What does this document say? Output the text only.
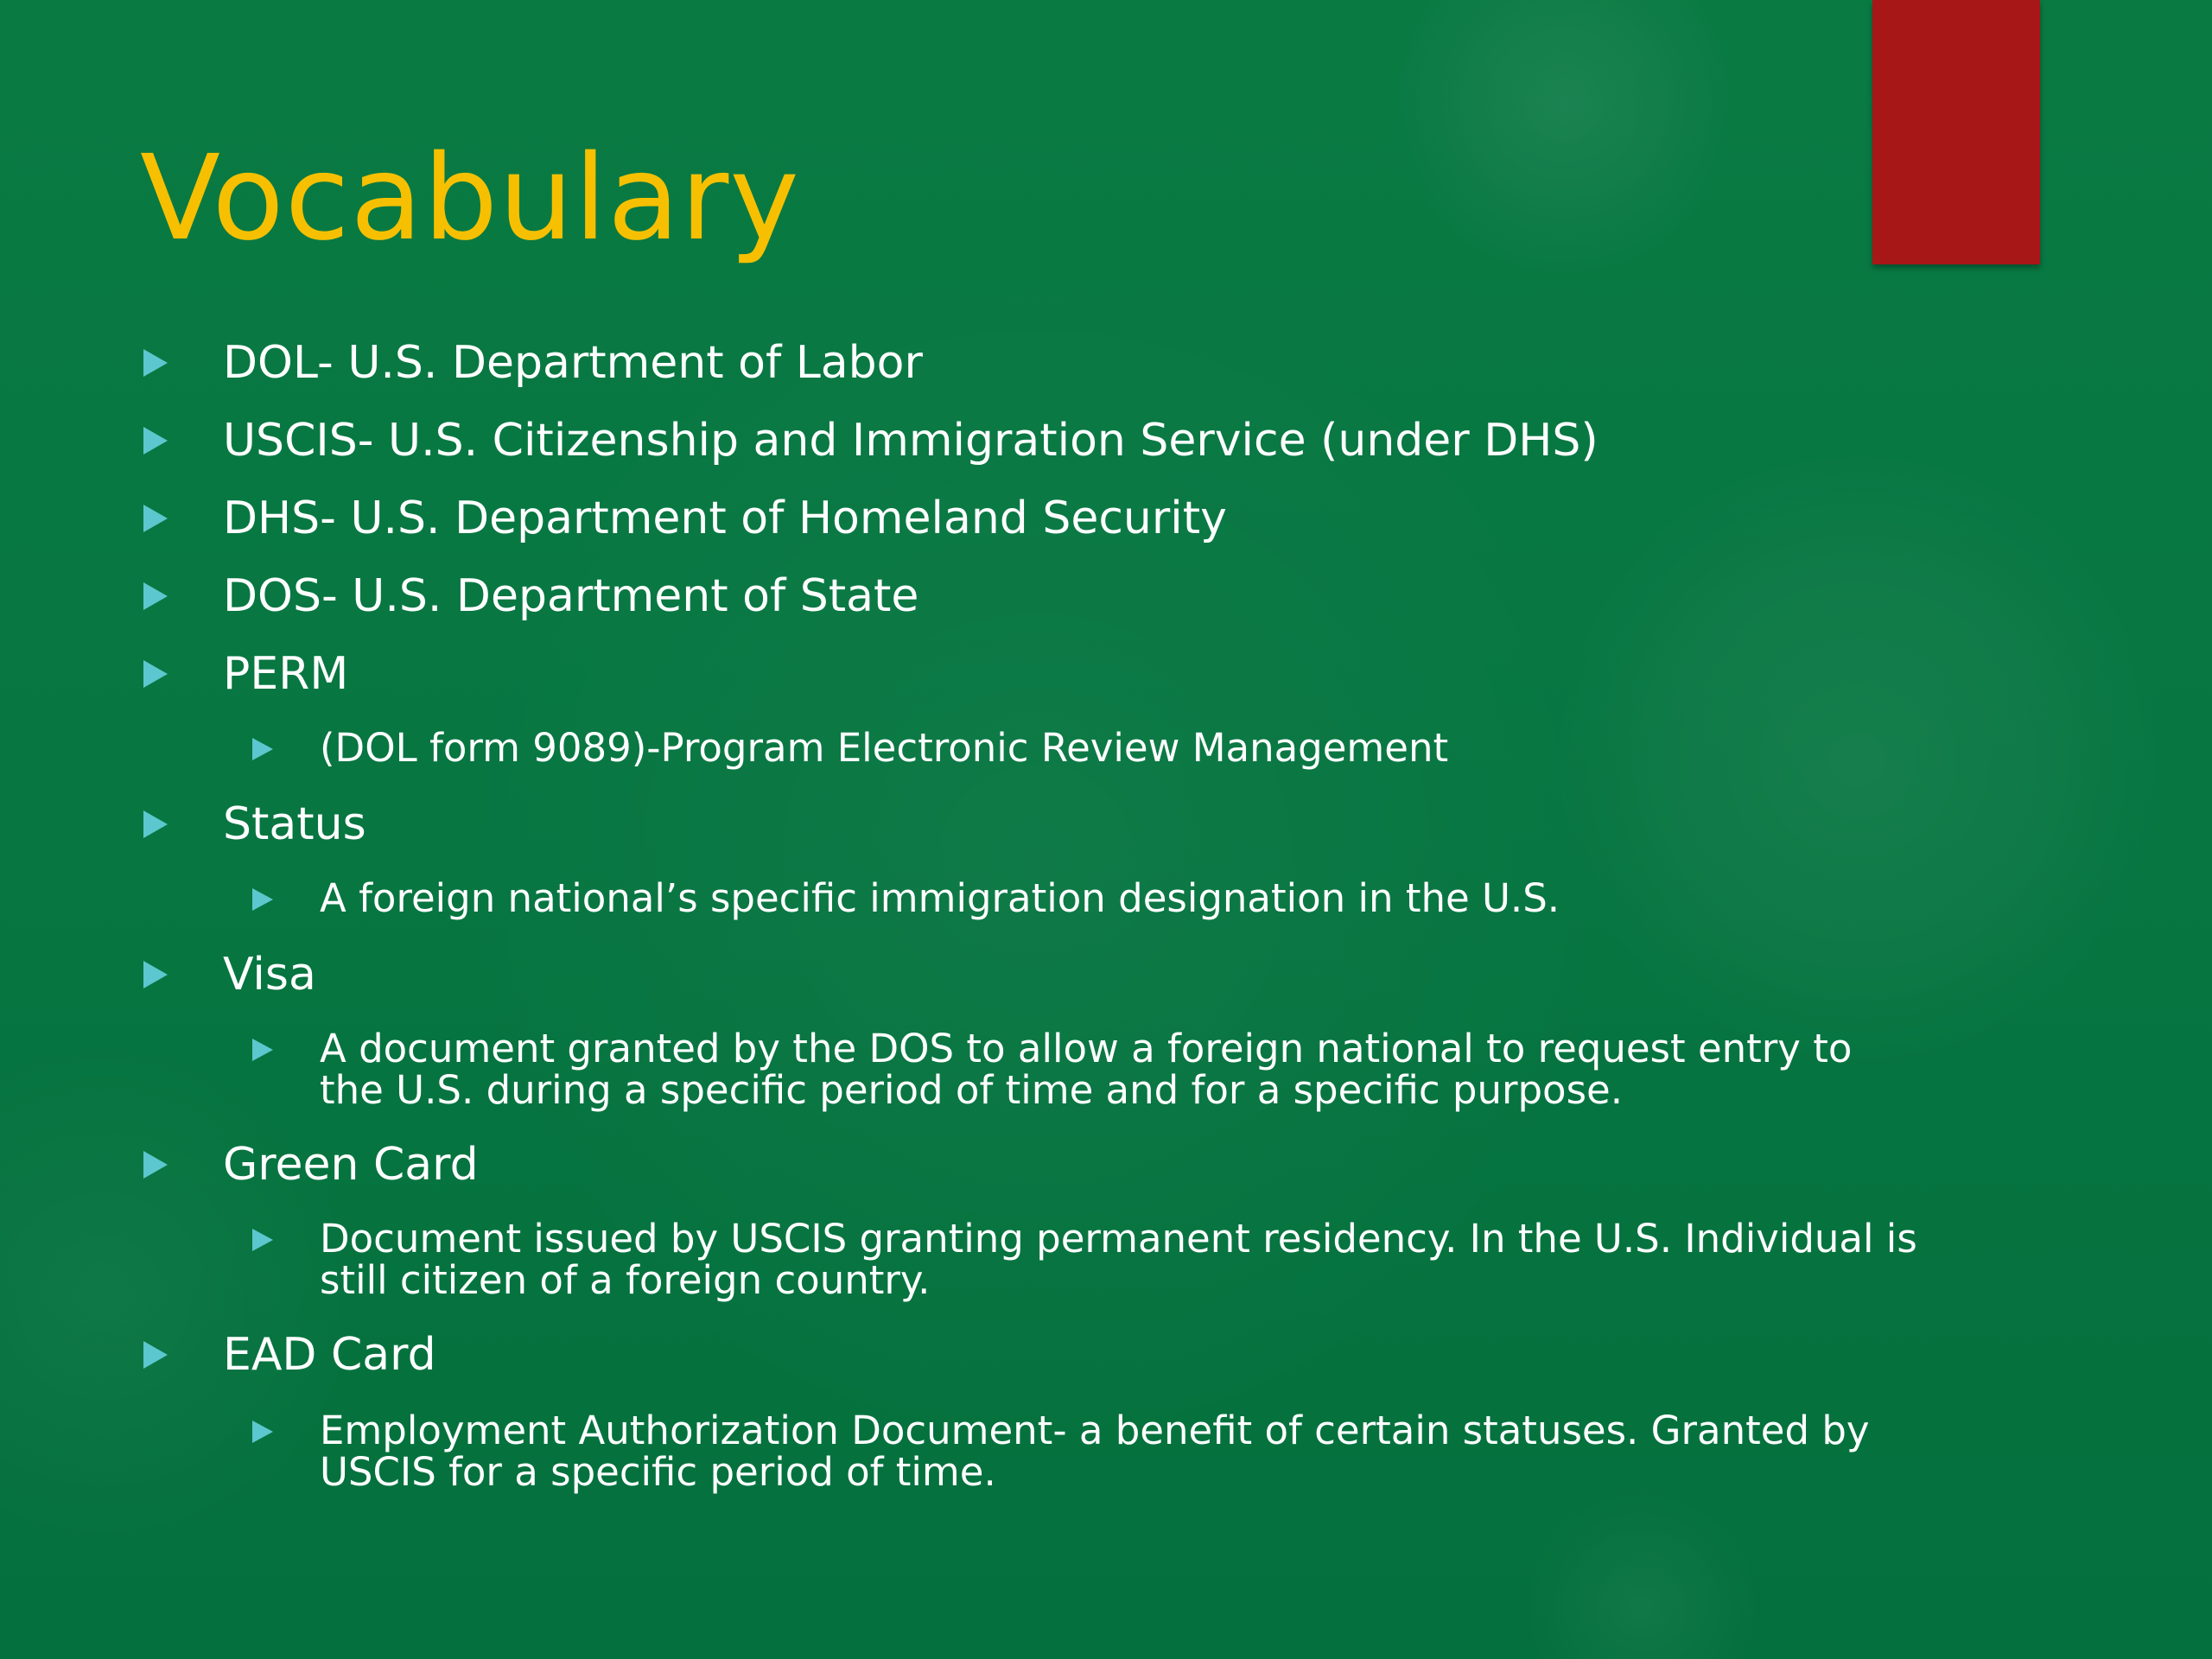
Vocabulary
DOL- U.S. Department of Labor
USCIS- U.S. Citizenship and Immigration Service (under DHS)
DHS- U.S. Department of Homeland Security
DOS- U.S. Department of State
PERM
(DOL form 9089)-Program Electronic Review Management
Status
A foreign national’s specific immigration designation in the U.S.
Visa
A document granted by the DOS to allow a foreign national to request entry to
the U.S. during a specific period of time and for a specific purpose.
Green Card
Document issued by USCIS granting permanent residency. In the U.S. Individual is
still citizen of a foreign country.
EAD Card
Employment Authorization Document- a benefit of certain statuses. Granted by
USCIS for a specific period of time.
